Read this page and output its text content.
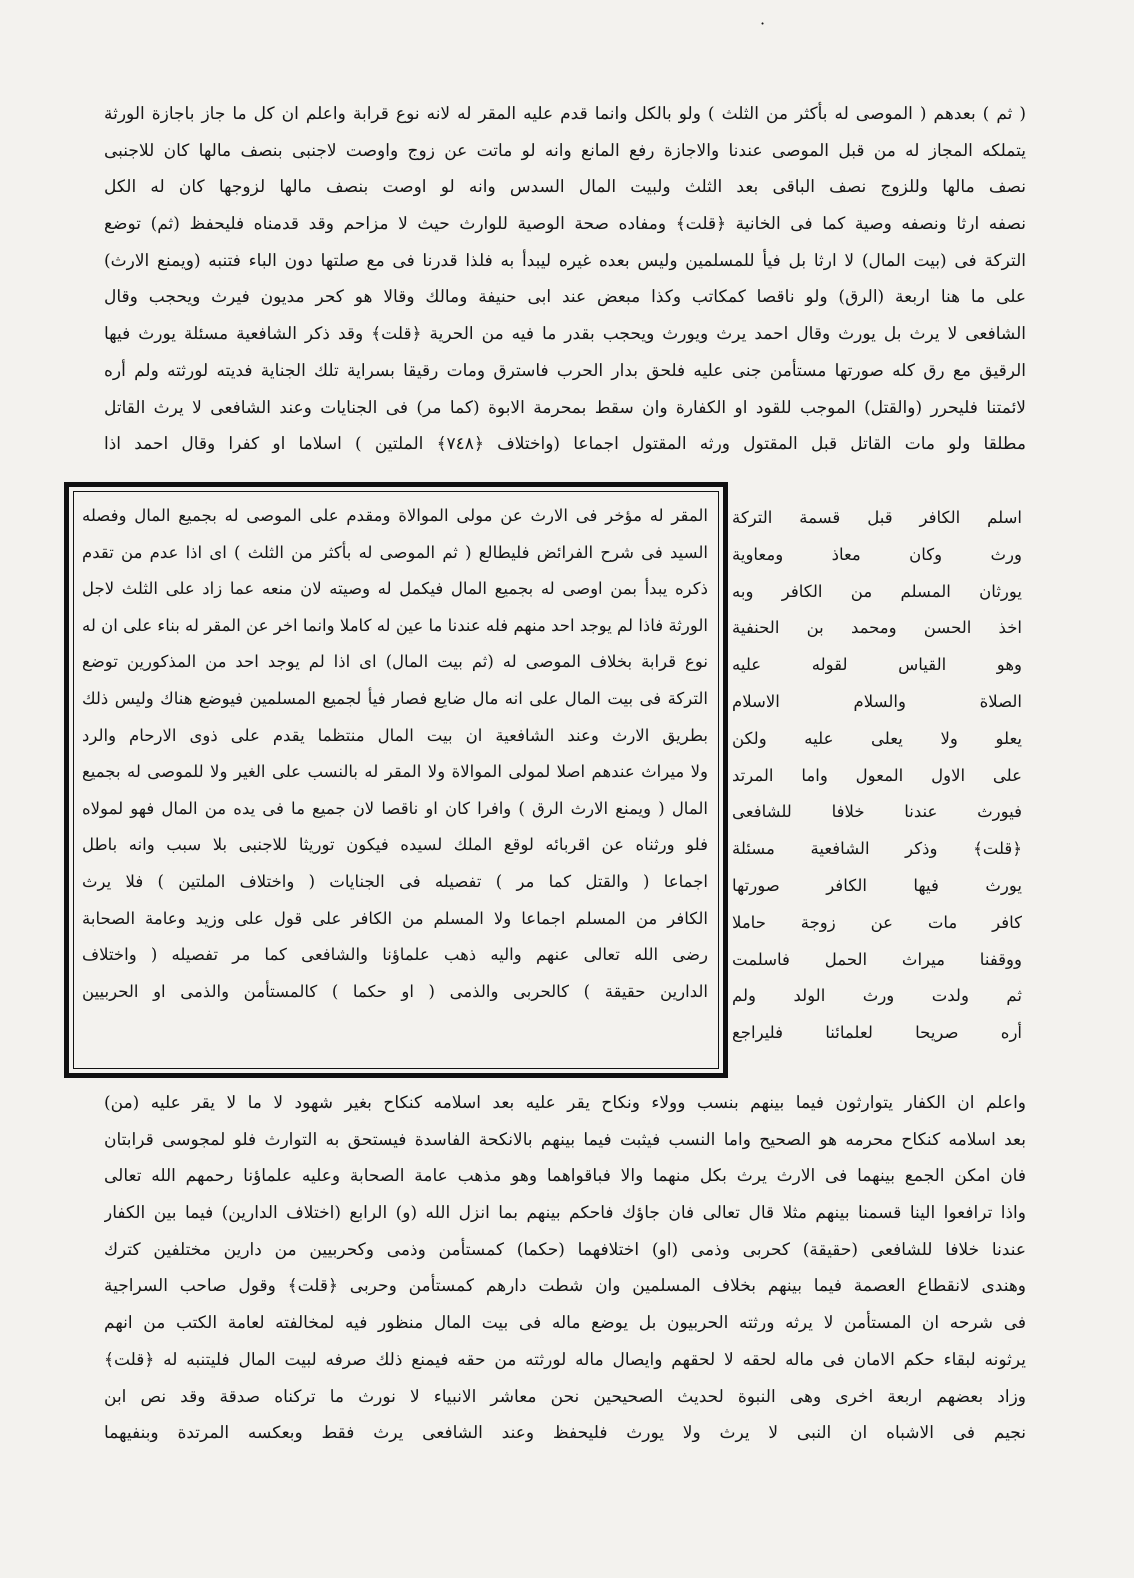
·
( ثم ) بعدهم ( الموصى له بأكثر من الثلث ) ولو بالكل وانما قدم عليه المقر له لانه نوع قرابة واعلم ان كل ما جاز باجازة الورثة
يتملكه المجاز له من قبل الموصى عندنا والاجازة رفع المانع وانه لو ماتت عن زوج واوصت لاجنبى بنصف مالها كان للاجنبى
نصف مالها وللزوج نصف الباقى بعد الثلث ولبيت المال السدس وانه لو اوصت بنصف مالها لزوجها كان له الكل
نصفه ارثا ونصفه وصية كما فى الخانية ﴿قلت﴾ ومفاده صحة الوصية للوارث حيث لا مزاحم وقد قدمناه فليحفظ (ثم) توضع
التركة فى (بيت المال) لا ارثا بل فيأ للمسلمين وليس بعده غيره ليبدأ به فلذا قدرنا فى مع صلتها دون الباء فتنبه (ويمنع الارث)
على ما هنا اربعة (الرق) ولو ناقصا كمكاتب وكذا مبعض عند ابى حنيفة ومالك وقالا هو كحر مديون فيرث ويحجب وقال
الشافعى لا يرث بل يورث وقال احمد يرث ويورث ويحجب بقدر ما فيه من الحرية ﴿قلت﴾ وقد ذكر الشافعية مسئلة يورث فيها
الرقيق مع رق كله صورتها مستأمن جنى عليه فلحق بدار الحرب فاسترق ومات رقيقا بسراية تلك الجناية فديته لورثته ولم أره
لائمتنا فليحرر (والقتل) الموجب للقود او الكفارة وان سقط بمحرمة الابوة (كما مر) فى الجنايات وعند الشافعى لا يرث القاتل
مطلقا ولو مات القاتل قبل المقتول ورثه المقتول اجماعا (واختلاف ﴿٧٤٨﴾ الملتين ) اسلاما او كفرا وقال احمد اذا
اسلم الكافر قبل قسمة التركة
ورث وكان معاذ ومعاوية
يورثان المسلم من الكافر وبه
اخذ الحسن ومحمد بن الحنفية
وهو القياس لقوله عليه
الصلاة والسلام الاسلام
يعلو ولا يعلى عليه ولكن
على الاول المعول واما المرتد
فيورث عندنا خلافا للشافعى
﴿قلت﴾ وذكر الشافعية مسئلة
يورث فيها الكافر صورتها
كافر مات عن زوجة حاملا
ووقفنا ميراث الحمل فاسلمت
ثم ولدت ورث الولد ولم
أره صريحا لعلمائنا فليراجع
المقر له مؤخر فى الارث عن مولى الموالاة ومقدم على الموصى له بجميع المال وفصله
السيد فى شرح الفرائض فليطالع ( ثم الموصى له بأكثر من الثلث ) اى اذا عدم من تقدم
ذكره يبدأ بمن اوصى له بجميع المال فيكمل له وصيته لان منعه عما زاد على الثلث لاجل
الورثة فاذا لم يوجد احد منهم فله عندنا ما عين له كاملا وانما اخر عن المقر له بناء على ان له
نوع قرابة بخلاف الموصى له (ثم بيت المال) اى اذا لم يوجد احد من المذكورين توضع
التركة فى بيت المال على انه مال ضايع فصار فيأ لجميع المسلمين فيوضع هناك وليس ذلك
بطريق الارث وعند الشافعية ان بيت المال منتظما يقدم على ذوى الارحام والرد
ولا ميراث عندهم اصلا لمولى الموالاة ولا المقر له بالنسب على الغير ولا للموصى له بجميع
المال ( ويمنع الارث الرق ) وافرا كان او ناقصا لان جميع ما فى يده من المال فهو لمولاه
فلو ورثناه عن اقربائه لوقع الملك لسيده فيكون توريثا للاجنبى بلا سبب وانه باطل
اجماعا ( والقتل كما مر ) تفصيله فى الجنايات ( واختلاف الملتين ) فلا يرث
الكافر من المسلم اجماعا ولا المسلم من الكافر على قول على وزيد وعامة الصحابة
رضى الله تعالى عنهم واليه ذهب علماؤنا والشافعى كما مر تفصيله ( واختلاف
الدارين حقيقة ) كالحربى والذمى ( او حكما ) كالمستأمن والذمى او الحربيين
واعلم ان الكفار يتوارثون فيما بينهم بنسب وولاء ونكاح يقر عليه بعد اسلامه كنكاح بغير شهود لا ما لا يقر عليه (من)
بعد اسلامه كنكاح محرمه هو الصحيح واما النسب فيثبت فيما بينهم بالانكحة الفاسدة فيستحق به التوارث فلو لمجوسى قرابتان
فان امكن الجمع بينهما فى الارث يرث بكل منهما والا فباقواهما وهو مذهب عامة الصحابة وعليه علماؤنا رحمهم الله تعالى
واذا ترافعوا الينا قسمنا بينهم مثلا قال تعالى فان جاؤك فاحكم بينهم بما انزل الله (و) الرابع (اختلاف الدارين) فيما بين الكفار
عندنا خلافا للشافعى (حقيقة) كحربى وذمى (او) اختلافهما (حكما) كمستأمن وذمى وكحربيين من دارين مختلفين كترك
وهندى لانقطاع العصمة فيما بينهم بخلاف المسلمين وان شطت دارهم كمستأمن وحربى ﴿قلت﴾ وقول صاحب السراجية
فى شرحه ان المستأمن لا يرثه ورثته الحربيون بل يوضع ماله فى بيت المال منظور فيه لمخالفته لعامة الكتب من انهم
يرثونه لبقاء حكم الامان فى ماله لحقه لا لحقهم وايصال ماله لورثته من حقه فيمنع ذلك صرفه لبيت المال فليتنبه له ﴿قلت﴾
وزاد بعضهم اربعة اخرى وهى النبوة لحديث الصحيحين نحن معاشر الانبياء لا نورث ما تركناه صدقة وقد نص ابن
نجيم فى الاشباه ان النبى لا يرث ولا يورث فليحفظ وعند الشافعى يرث فقط وبعكسه المرتدة وبنفيهما
